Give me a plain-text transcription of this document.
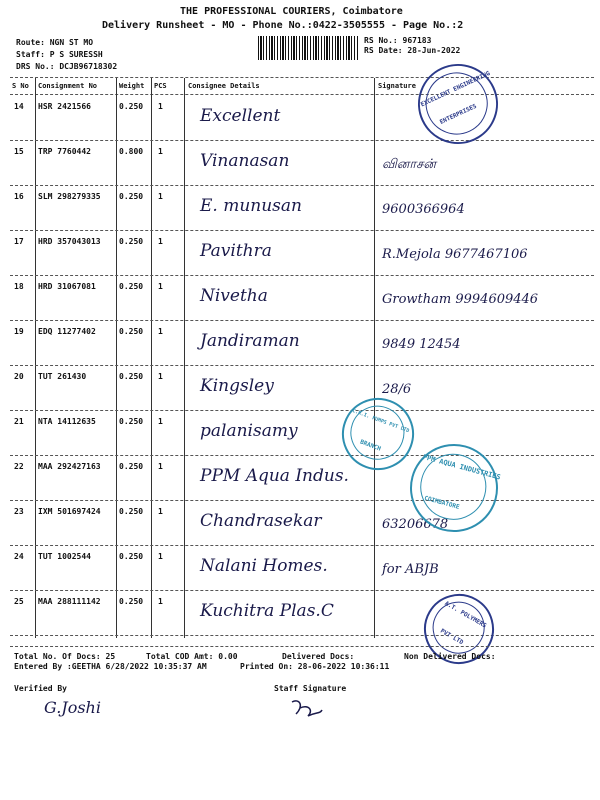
THE PROFESSIONAL COURIERS, Coimbatore
Delivery Runsheet - MO - Phone No.:0422-3505555 - Page No.:2
Route: NGN ST MO
Staff: P S SURESSH
DRS No.: DCJB96718302
RS No.: 967183
RS Date: 28-Jun-2022
S No Consignment No	Weight PCS	Consignee Details	Signature
14 HSR 2421566	0.250 1 Excellent
15 TRP 7760442	0.800 1 Vinanasan	வினாசன்
16 SLM 298279335 0.250 1 E. munusan	9600366964
17 HRD 357043013 0.250 1 Pavithra	R.Mejola 9677467106
18 HRD 31067081	0.250 1 Nivetha	Growtham 9994609446
19 EDQ 11277402	0.250 1 Jandiraman	9849 12454
20 TUT 261430	0.250 1 Kingsley	28/6
21 NTA 14112635	0.250 1 palanisamy
22 MAA 292427163 0.250 1 PPM Aqua Indus.
23 IXM 501697424 0.250 1 Chandrasekar	63206678
24 TUT 1002544	0.250 1 Nalani Homes.	for ABJB
25 MAA 288111142 0.250 1 Kuchitra Plas.C
EXCELLENT ENGINEERING
ENTERPRISES
C.R.I. PUMPS PVT LTD
BRANCH
PPM AQUA INDUSTRIES
COIMBATORE
A.T. POLYMERS
PVT LTD
Total No. Of Docs: 25	Total COD Amt: 0.00	Delivered Docs:	Non Delivered Docs:
Entered By :GEETHA 6/28/2022 10:35:37 AM	Printed On: 28-06-2022 10:36:11
Verified By	Staff Signature
G.Joshi
